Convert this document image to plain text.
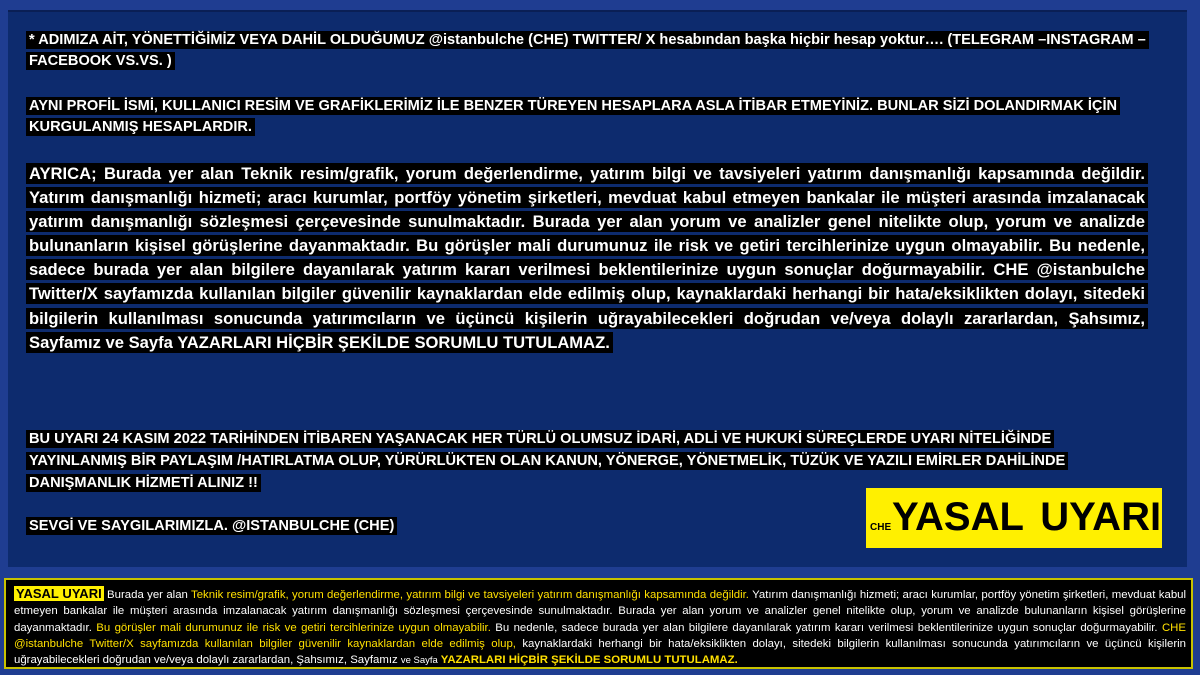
* ADIMIZA AİT, YÖNETTİĞİMİZ VEYA DAHİL OLDUĞUMUZ @istanbulche (CHE) TWITTER/ X hesabından başka hiçbir hesap yoktur…. (TELEGRAM –INSTAGRAM –FACEBOOK VS.VS. )
AYNI PROFİL İSMİ, KULLANICI RESİM VE GRAFİKLERİMİZ İLE BENZER TÜREYEN HESAPLARA ASLA İTİBAR ETMEYİNİZ. BUNLAR SİZİ DOLANDIRMAK İÇİN KURGULANMIŞ HESAPLARDIR.
AYRICA; Burada yer alan Teknik resim/grafik, yorum değerlendirme, yatırım bilgi ve tavsiyeleri yatırım danışmanlığı kapsamında değildir. Yatırım danışmanlığı hizmeti; aracı kurumlar, portföy yönetim şirketleri, mevduat kabul etmeyen bankalar ile müşteri arasında imzalanacak yatırım danışmanlığı sözleşmesi çerçevesinde sunulmaktadır. Burada yer alan yorum ve analizler genel nitelikte olup, yorum ve analizde bulunanların kişisel görüşlerine dayanmaktadır. Bu görüşler mali durumunuz ile risk ve getiri tercihlerinize uygun olmayabilir. Bu nedenle, sadece burada yer alan bilgilere dayanılarak yatırım kararı verilmesi beklentilerinize uygun sonuçlar doğurmayabilir. CHE @istanbulche Twitter/X sayfamızda kullanılan bilgiler güvenilir kaynaklardan elde edilmiş olup, kaynaklardaki herhangi bir hata/eksiklikten dolayı, sitedeki bilgilerin kullanılması sonucunda yatırımcıların ve üçüncü kişilerin uğrayabilecekleri doğrudan ve/veya dolaylı zararlardan, Şahsımız, Sayfamız ve Sayfa YAZARLARI HİÇBİR ŞEKİLDE SORUMLU TUTULAMAZ.
BU UYARI 24 KASIM 2022 TARİHİNDEN İTİBAREN YAŞANACAK HER TÜRLÜ OLUMSUZ İDARİ, ADLİ VE HUKUKİ SÜREÇLERDE UYARI NİTELİĞİNDE YAYINLANMIŞ BİR PAYLAŞIM /HATIRLATMA OLUP, YÜRÜRLÜKTEN OLAN KANUN, YÖNERGE, YÖNETMELİK, TÜZÜK VE YAZILI EMİRLER DAHİLİNDE DANIŞMANLIK HİZMETİ ALINIZ !!
SEVGİ VE SAYGILARIMIZLA. @ISTANBULCHE (CHE)	CHE YASAL UYARI
YASAL UYARI Burada yer alan Teknik resim/grafik, yorum değerlendirme, yatırım bilgi ve tavsiyeleri yatırım danışmanlığı kapsamında değildir. Yatırım danışmanlığı hizmeti; aracı kurumlar, portföy yönetim şirketleri, mevduat kabul etmeyen bankalar ile müşteri arasında imzalanacak yatırım danışmanlığı sözleşmesi çerçevesinde sunulmaktadır. Burada yer alan yorum ve analizler genel nitelikte olup, yorum ve analizde bulunanların kişisel görüşlerine dayanmaktadır. Bu görüşler mali durumunuz ile risk ve getiri tercihlerinize uygun olmayabilir. Bu nedenle, sadece burada yer alan bilgilere dayanılarak yatırım kararı verilmesi beklentilerinize uygun sonuçlar doğurmayabilir. CHE @istanbulche Twitter/X sayfamızda kullanılan bilgiler güvenilir kaynaklardan elde edilmiş olup, kaynaklardaki herhangi bir hata/eksiklikten dolayı, sitedeki bilgilerin kullanılması sonucunda yatırımcıların ve üçüncü kişilerin uğrayabilecekleri doğrudan ve/veya dolaylı zararlardan, Şahsımız, Sayfamız ve Sayfa YAZARLARI HİÇBİR ŞEKİLDE SORUMLU TUTULAMAZ.
